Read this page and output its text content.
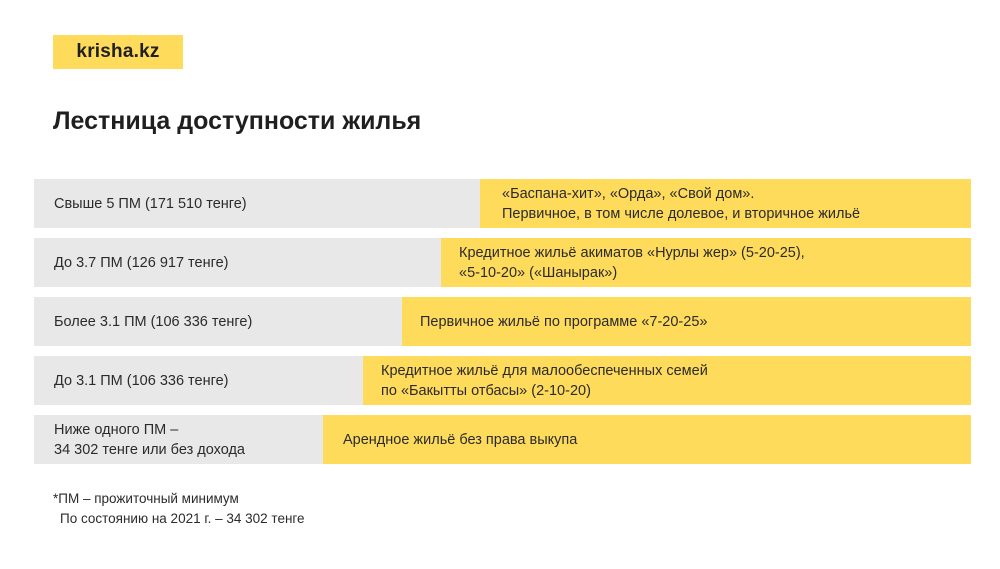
krisha.kz
Лестница доступности жилья
Свыше 5 ПМ (171 510 тенге)
«Баспана-хит», «Орда», «Свой дом».
Первичное, в том числе долевое, и вторичное жильё
До 3.7 ПМ (126 917 тенге)
Кредитное жильё акиматов «Нурлы жер» (5-20-25),
«5-10-20» («Шанырак»)
Более 3.1 ПМ (106 336 тенге)	Первичное жильё по программе «7-20-25»
До 3.1 ПМ (106 336 тенге)
Кредитное жильё для малообеспеченных семей
по «Бакытты отбасы» (2-10-20)
Ниже одного ПМ –
34 302 тенге или без дохода
Арендное жильё без права выкупа
*ПМ – прожиточный минимум
По состоянию на 2021 г. – 34 302 тенге
